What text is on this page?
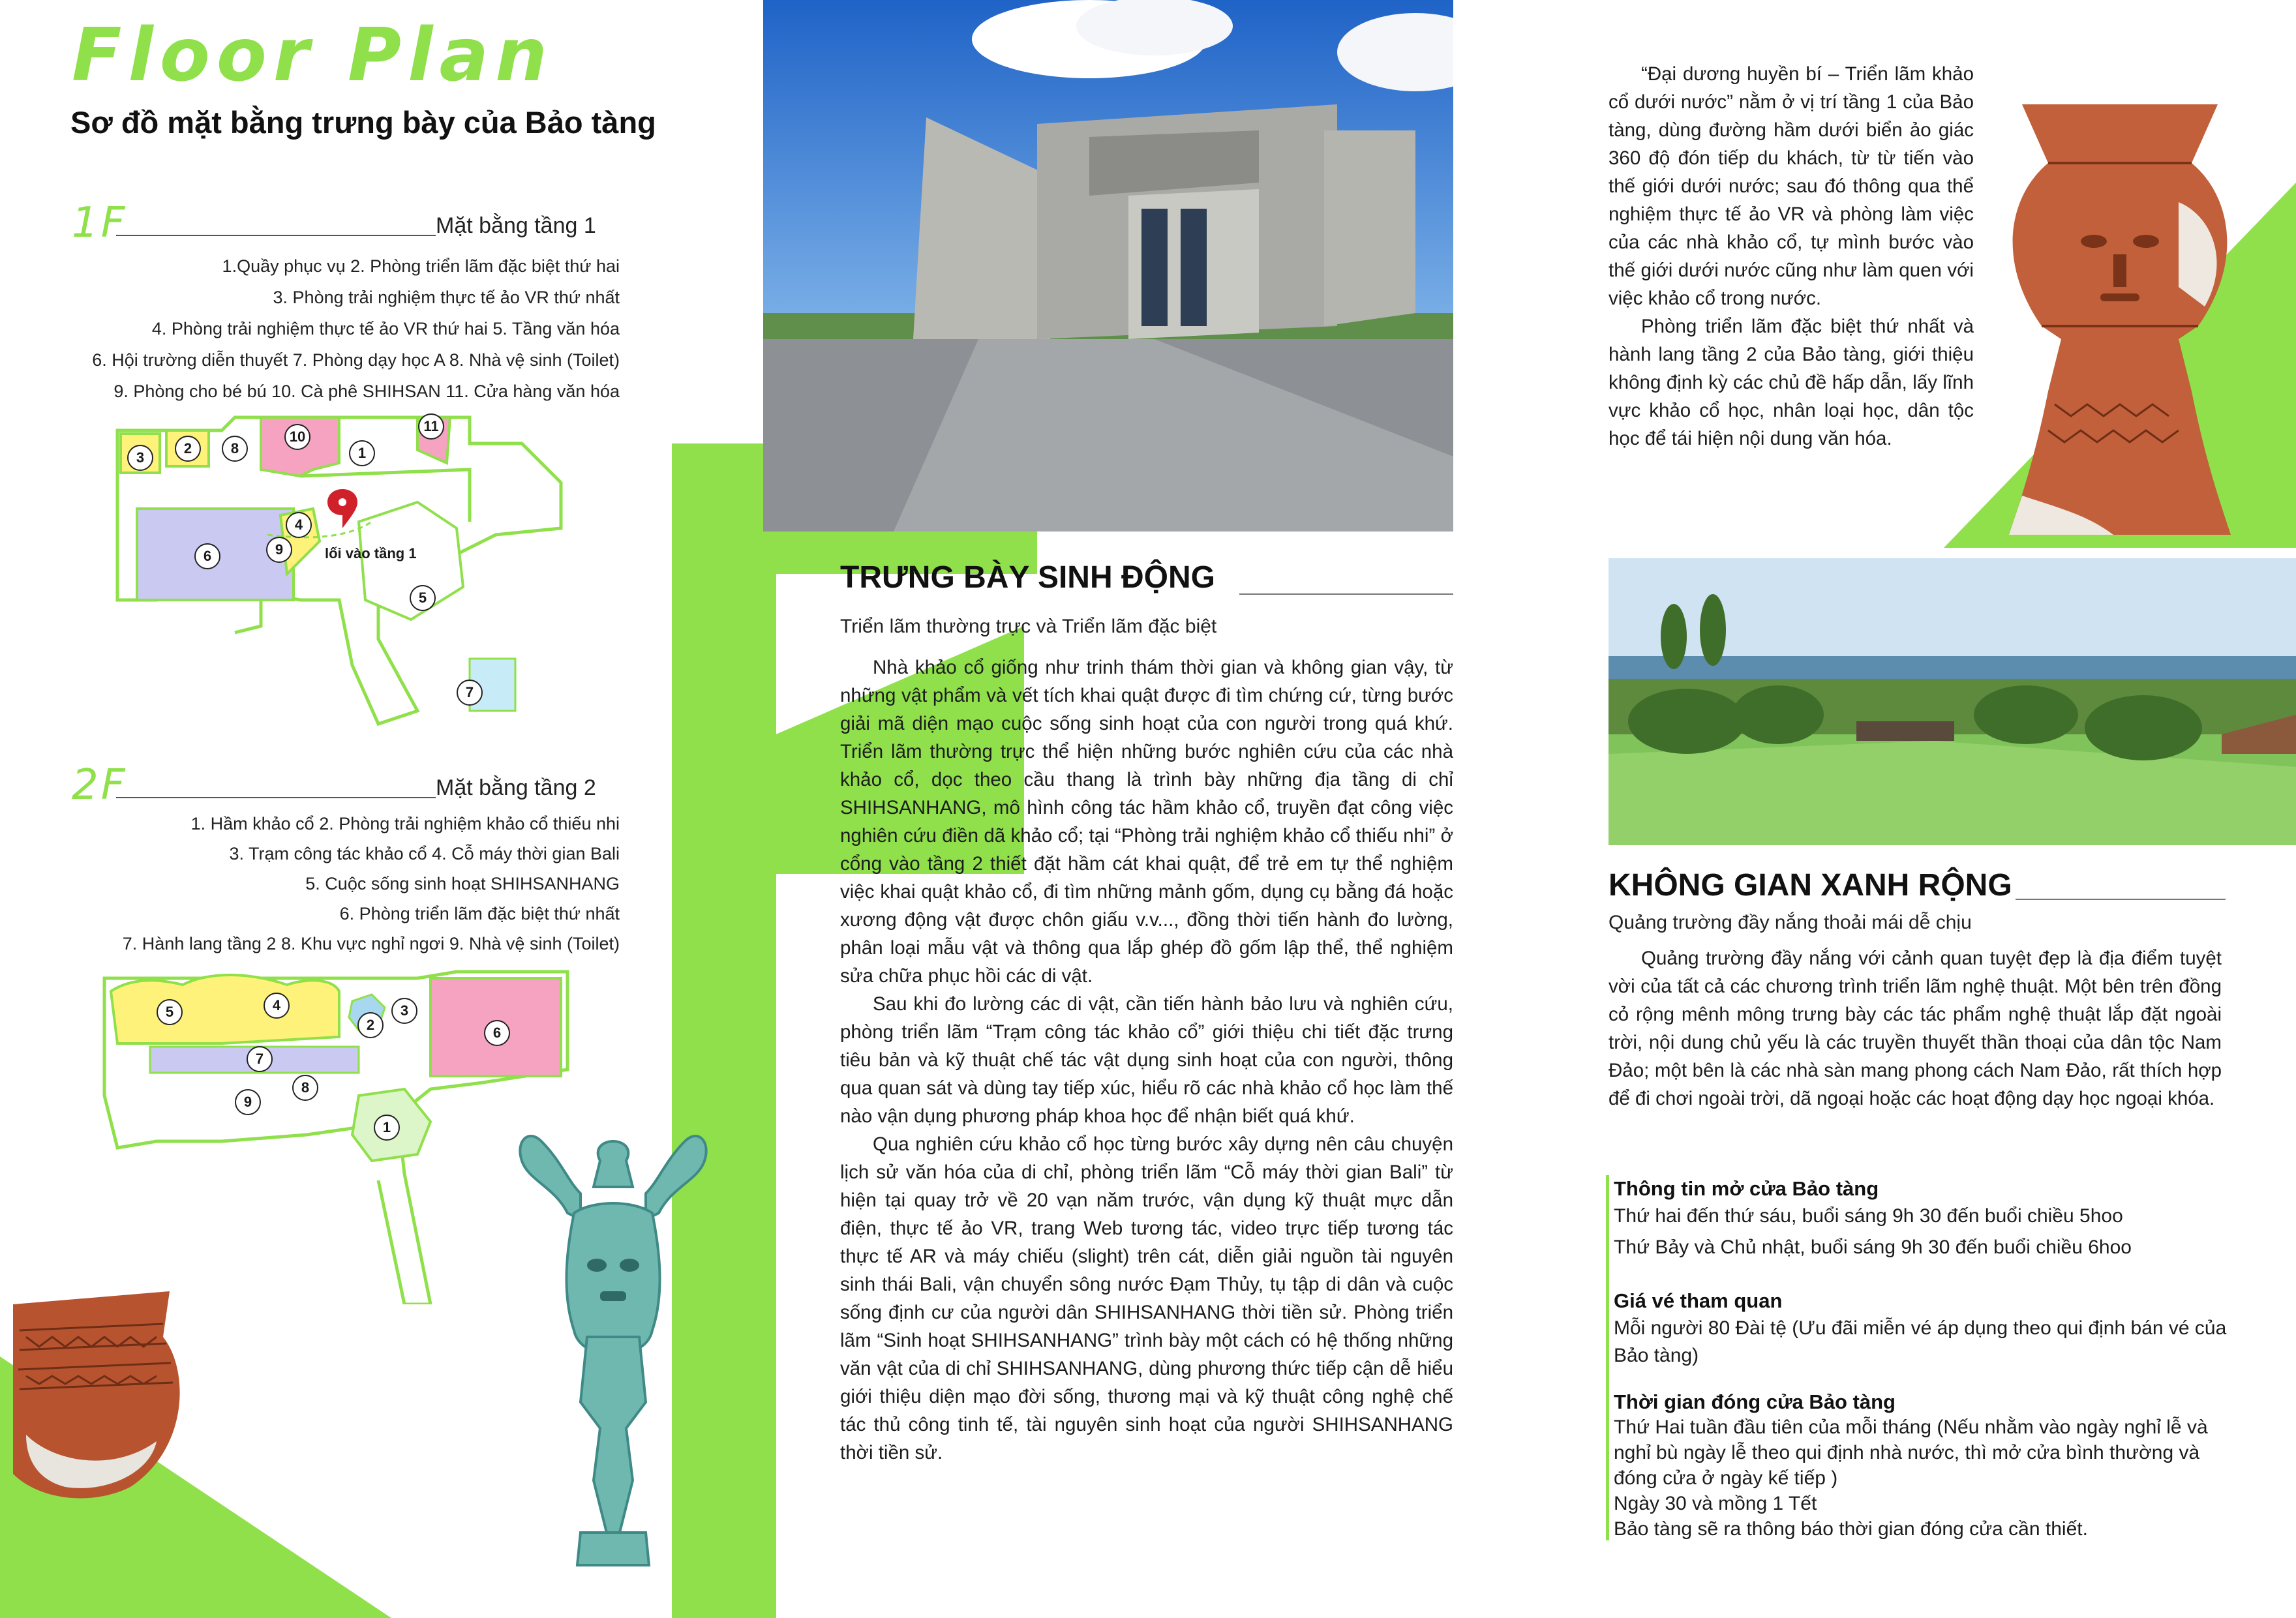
Floor Plan
Sơ đồ mặt bằng trưng bày của Bảo tàng
1F	Mặt bằng tầng 1
1.Quầy phục vụ 2. Phòng triển lãm đặc biệt thứ hai
3. Phòng trải nghiệm thực tế ảo VR thứ nhất
4. Phòng trải nghiệm thực tế ảo VR thứ hai 5. Tầng văn hóa
6. Hội trường diễn thuyết 7. Phòng dạy học A 8. Nhà vệ sinh (Toilet)
9. Phòng cho bé bú 10. Cà phê SHIHSAN 11. Cửa hàng văn hóa
3
2	8
10
1
11
4
9
6
5
7
lối vào tầng 1
2F	Mặt bằng tầng 2
1. Hầm khảo cổ 2. Phòng trải nghiệm khảo cổ thiếu nhi
3. Trạm công tác khảo cổ 4. Cỗ máy thời gian Bali
5. Cuộc sống sinh hoạt SHIHSANHANG
6. Phòng triển lãm đặc biệt thứ nhất
7. Hành lang tầng 2 8. Khu vực nghỉ ngơi 9. Nhà vệ sinh (Toilet)
5	4
2
3
6
7
8
9
1
TRƯNG BÀY SINH ĐỘNG
Triển lãm thường trực và Triển lãm đặc biệt

Nhà khảo cổ giống như trinh thám thời gian và không gian vậy, từ những vật phẩm và vết tích khai quật được đi tìm chứng cứ, từng bước giải mã diện mạo cuộc sống sinh hoạt của con người trong quá khứ. Triển lãm thường trực thể hiện những bước nghiên cứu của các nhà khảo cổ, dọc theo cầu thang là trình bày những địa tầng di chỉ SHIHSANHANG, mô hình công tác hầm khảo cổ, truyền đạt công việc nghiên cứu điền dã khảo cổ; tại “Phòng trải nghiệm khảo cổ thiếu nhi” ở cổng vào tầng 2 thiết đặt hầm cát khai quật, để trẻ em tự thể nghiệm việc khai quật khảo cổ, đi tìm những mảnh gốm, dụng cụ bằng đá hoặc xương động vật được chôn giấu v.v..., đồng thời tiến hành đo lường, phân loại mẫu vật và thông qua lắp ghép đồ gốm lập thể, thể nghiệm sửa chữa phục hồi các di vật.

Sau khi đo lường các di vật, cần tiến hành bảo lưu và nghiên cứu, phòng triển lãm “Trạm công tác khảo cổ” giới thiệu chi tiết đặc trưng tiêu bản và kỹ thuật chế tác vật dụng sinh hoạt của con người, thông qua quan sát và dùng tay tiếp xúc, hiểu rõ các nhà khảo cổ học làm thế nào vận dụng phương pháp khoa học để nhận biết quá khứ.

Qua nghiên cứu khảo cổ học từng bước xây dựng nên câu chuyện lịch sử văn hóa của di chỉ, phòng triển lãm “Cỗ máy thời gian Bali” từ hiện tại quay trở về 20 vạn năm trước, vận dụng kỹ thuật mực dẫn điện, thực tế ảo VR, trang Web tương tác, video trực tiếp tương tác thực tế AR và máy chiếu (slight) trên cát, diễn giải nguồn tài nguyên sinh thái Bali, vận chuyển sông nước Đạm Thủy, tụ tập di dân và cuộc sống định cư của người dân SHIHSANHANG thời tiền sử. Phòng triển lãm “Sinh hoạt SHIHSANHANG” trình bày một cách có hệ thống những văn vật của di chỉ SHIHSANHANG, dùng phương thức tiếp cận dễ hiểu giới thiệu diện mạo đời sống, thương mại và kỹ thuật công nghệ chế tác thủ công tinh tế, tài nguyên sinh hoạt của người SHIHSANHANG thời tiền sử.

“Đại dương huyền bí – Triển lãm khảo cổ dưới nước” nằm ở vị trí tầng 1 của Bảo tàng, dùng đường hầm dưới biển ảo giác 360 độ đón tiếp du khách, từ từ tiến vào thế giới dưới nước; sau đó thông qua thể nghiệm thực tế ảo VR và phòng làm việc của các nhà khảo cổ, tự mình bước vào thế giới dưới nước cũng như làm quen với việc khảo cổ trong nước.

Phòng triển lãm đặc biệt thứ nhất và hành lang tầng 2 của Bảo tàng, giới thiệu không định kỳ các chủ đề hấp dẫn, lấy lĩnh vực khảo cổ học, nhân loại học, dân tộc học để tái hiện nội dung văn hóa.

KHÔNG GIAN XANH RỘNG
Quảng trường đầy nắng thoải mái dễ chịu

Quảng trường đầy nắng với cảnh quan tuyệt đẹp là địa điểm tuyệt vời của tất cả các chương trình triển lãm nghệ thuật. Một bên trên đồng cỏ rộng mênh mông trưng bày các tác phẩm nghệ thuật lắp đặt ngoài trời, nội dung chủ yếu là các truyền thuyết thần thoại của dân tộc Nam Đảo; một bên là các nhà sàn mang phong cách Nam Đảo, rất thích hợp để đi chơi ngoài trời, dã ngoại hoặc các hoạt động dạy học ngoại khóa.

Thông tin mở cửa Bảo tàng

Thứ hai đến thứ sáu, buổi sáng 9h 30 đến buổi chiều 5hoo

Thứ Bảy và Chủ nhật, buổi sáng 9h 30 đến buổi chiều 6hoo

Giá vé tham quan

Mỗi người 80 Đài tệ (Ưu đãi miễn vé áp dụng theo qui định bán vé của Bảo tàng)

Thời gian đóng cửa Bảo tàng

Thứ Hai tuần đầu tiên của mỗi tháng (Nếu nhằm vào ngày nghỉ lễ và nghỉ bù ngày lễ theo qui định nhà nước, thì mở cửa bình thường và đóng cửa ở ngày kế tiếp )

Ngày 30 và mồng 1 Tết

Bảo tàng sẽ ra thông báo thời gian đóng cửa cần thiết.
